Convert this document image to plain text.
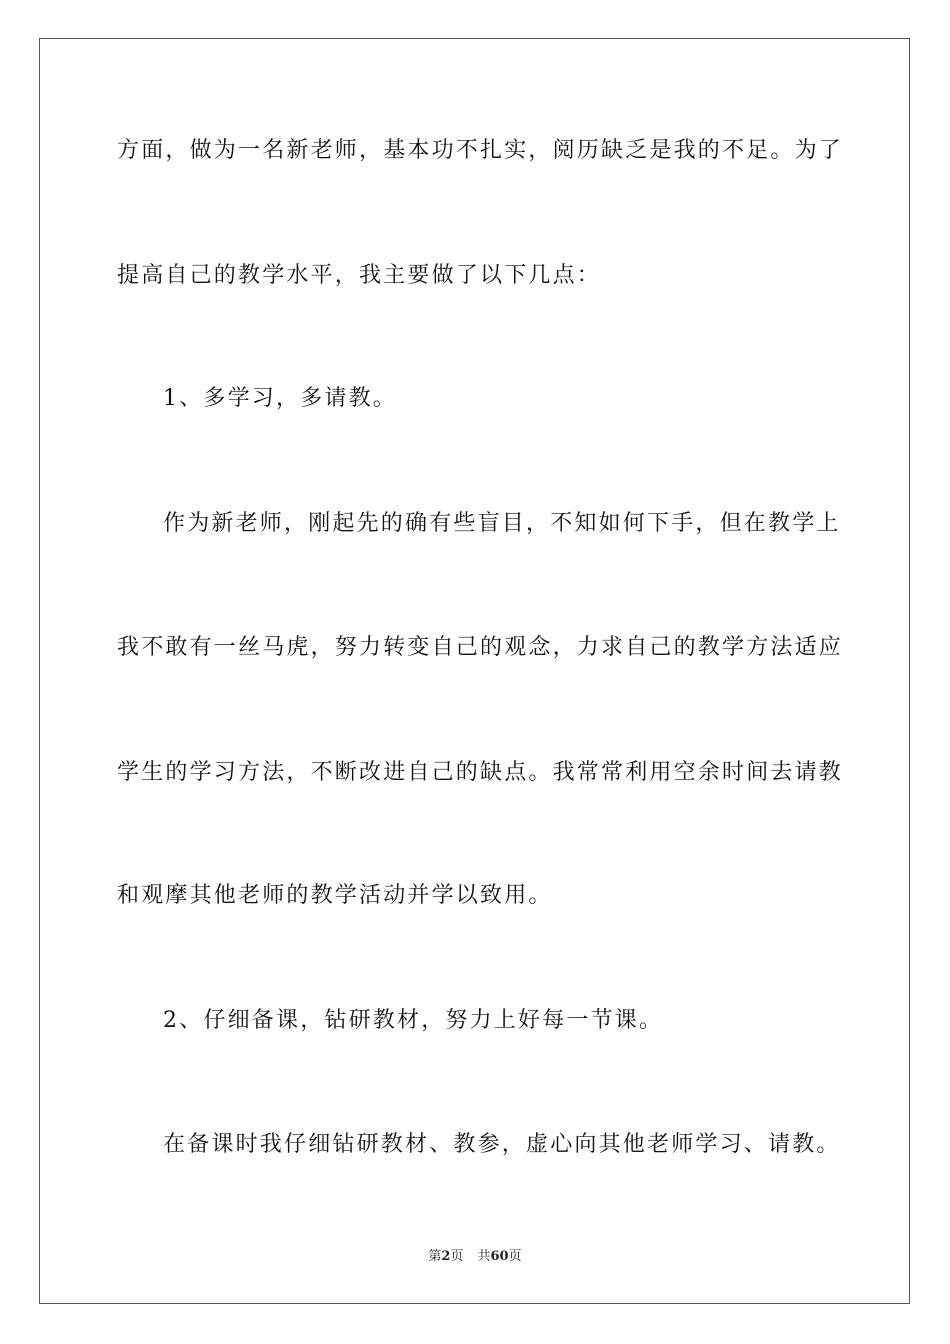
方面，做为一名新老师，基本功不扎实，阅历缺乏是我的不足。为了
提高自己的教学水平，我主要做了以下几点：
1、多学习，多请教。
作为新老师，刚起先的确有些盲目，不知如何下手，但在教学上
我不敢有一丝马虎，努力转变自己的观念，力求自己的教学方法适应
学生的学习方法，不断改进自己的缺点。我常常利用空余时间去请教
和观摩其他老师的教学活动并学以致用。
2、仔细备课，钻研教材，努力上好每一节课。
在备课时我仔细钻研教材、教参，虚心向其他老师学习、请教。
第2页 共60页
